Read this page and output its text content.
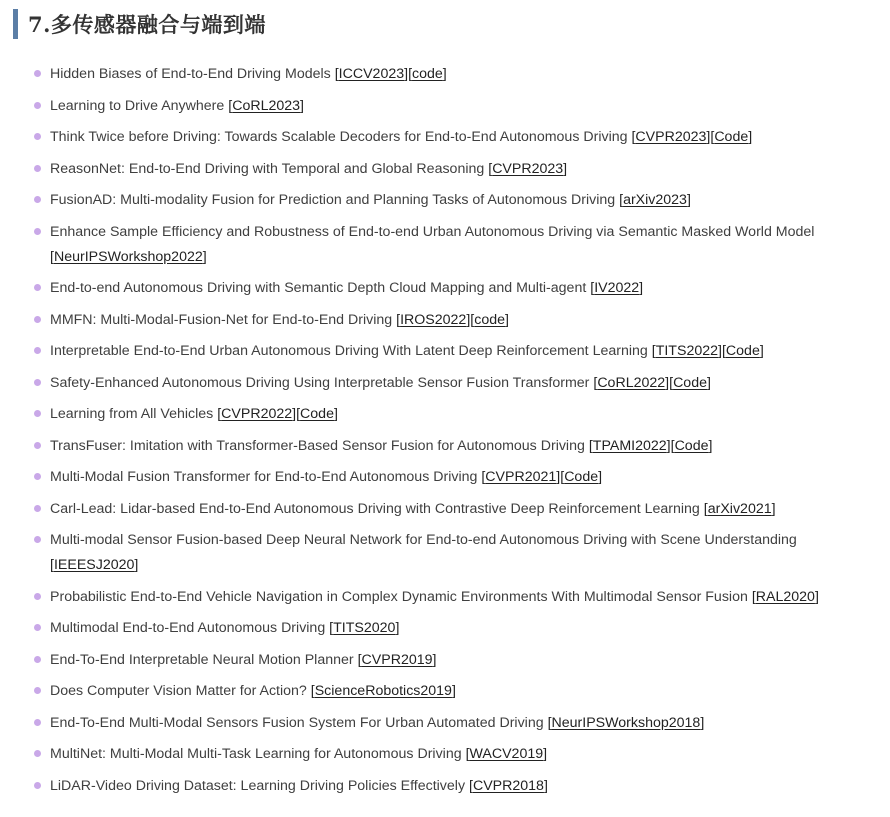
7.多传感器融合与端到端
Hidden Biases of End-to-End Driving Models [ICCV2023][code]
Learning to Drive Anywhere [CoRL2023]
Think Twice before Driving: Towards Scalable Decoders for End-to-End Autonomous Driving [CVPR2023][Code]
ReasonNet: End-to-End Driving with Temporal and Global Reasoning [CVPR2023]
FusionAD: Multi-modality Fusion for Prediction and Planning Tasks of Autonomous Driving [arXiv2023]
Enhance Sample Efficiency and Robustness of End-to-end Urban Autonomous Driving via Semantic Masked World Model [NeurIPSWorkshop2022]
End-to-end Autonomous Driving with Semantic Depth Cloud Mapping and Multi-agent [IV2022]
MMFN: Multi-Modal-Fusion-Net for End-to-End Driving [IROS2022][code]
Interpretable End-to-End Urban Autonomous Driving With Latent Deep Reinforcement Learning [TITS2022][Code]
Safety-Enhanced Autonomous Driving Using Interpretable Sensor Fusion Transformer [CoRL2022][Code]
Learning from All Vehicles [CVPR2022][Code]
TransFuser: Imitation with Transformer-Based Sensor Fusion for Autonomous Driving [TPAMI2022][Code]
Multi-Modal Fusion Transformer for End-to-End Autonomous Driving [CVPR2021][Code]
Carl-Lead: Lidar-based End-to-End Autonomous Driving with Contrastive Deep Reinforcement Learning [arXiv2021]
Multi-modal Sensor Fusion-based Deep Neural Network for End-to-end Autonomous Driving with Scene Understanding [IEEESJ2020]
Probabilistic End-to-End Vehicle Navigation in Complex Dynamic Environments With Multimodal Sensor Fusion [RAL2020]
Multimodal End-to-End Autonomous Driving [TITS2020]
End-To-End Interpretable Neural Motion Planner [CVPR2019]
Does Computer Vision Matter for Action? [ScienceRobotics2019]
End-To-End Multi-Modal Sensors Fusion System For Urban Automated Driving [NeurIPSWorkshop2018]
MultiNet: Multi-Modal Multi-Task Learning for Autonomous Driving [WACV2019]
LiDAR-Video Driving Dataset: Learning Driving Policies Effectively [CVPR2018]
